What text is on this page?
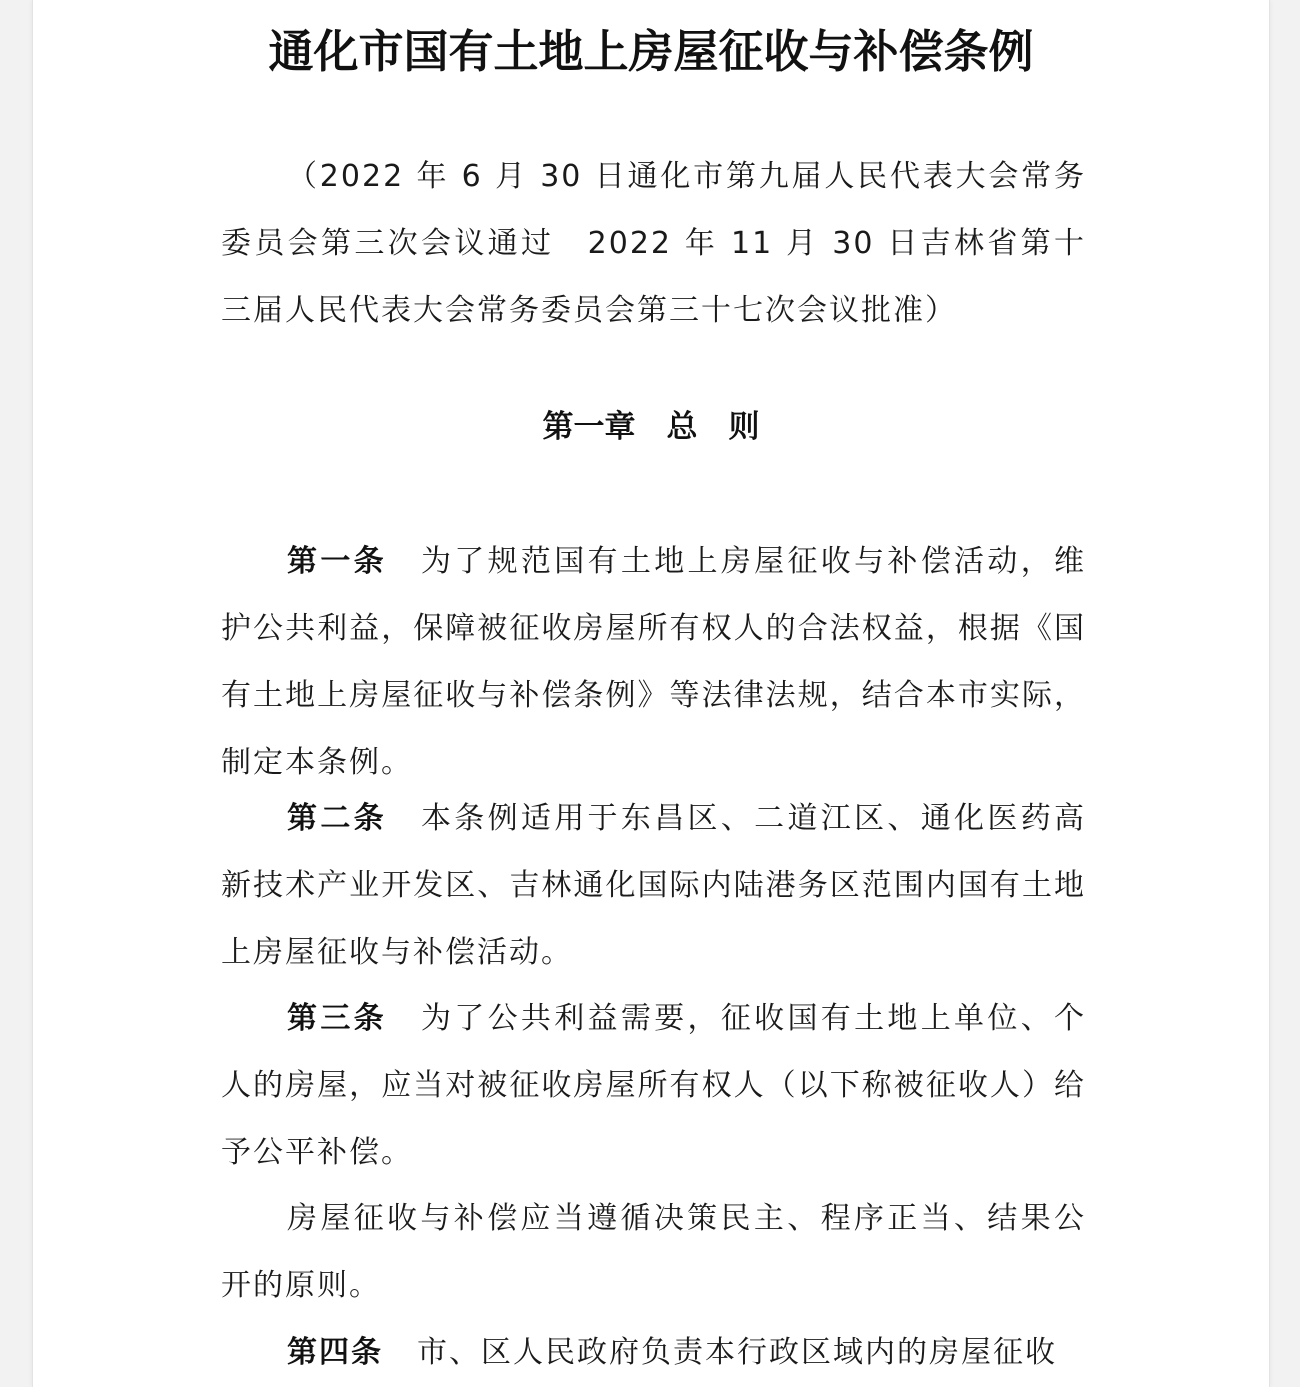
通化市国有土地上房屋征收与补偿条例

（2022 年 6 月 30 日通化市第九届人民代表大会常务委员会第三次会议通过　2022 年 11 月 30 日吉林省第十三届人民代表大会常务委员会第三十七次会议批准）

第一章　总　则

第一条 为了规范国有土地上房屋征收与补偿活动，维护公共利益，保障被征收房屋所有权人的合法权益，根据《国有土地上房屋征收与补偿条例》等法律法规，结合本市实际，制定本条例。

第二条 本条例适用于东昌区、二道江区、通化医药高新技术产业开发区、吉林通化国际内陆港务区范围内国有土地上房屋征收与补偿活动。

第三条 为了公共利益需要，征收国有土地上单位、个人的房屋，应当对被征收房屋所有权人（以下称被征收人）给予公平补偿。

房屋征收与补偿应当遵循决策民主、程序正当、结果公开的原则。

第四条 市、区人民政府负责本行政区域内的房屋征收
